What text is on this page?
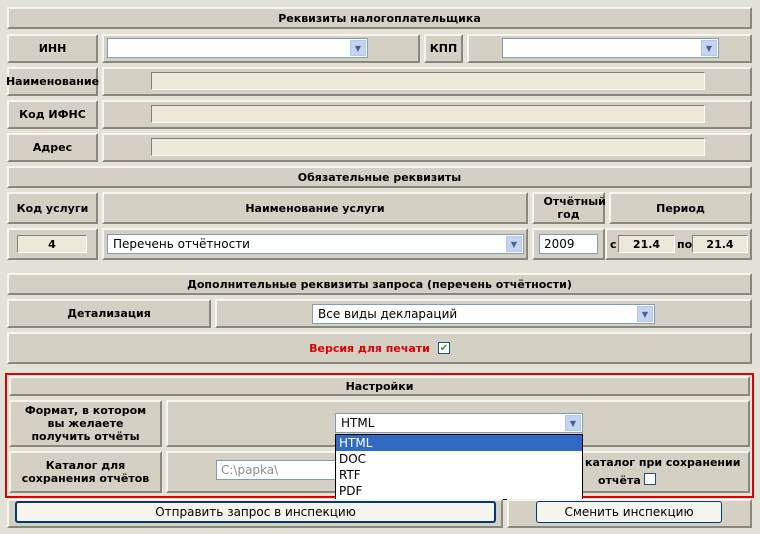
Реквизиты налогоплательщика
ИНН	▼	КПП	▼
Наименование
Код ИФНС
Адрес
Обязательные реквизиты
Код услуги	Наименование услуги	Отчётный год	Период
4	Перечень отчётности	▼	2009	с 21.4 по 21.4
Дополнительные реквизиты запроса (перечень отчётности)
Детализация	Все виды деклараций	▼
Версия для печати ✔
Настройки
Формат, в котором вы желаете получить отчёты
HTML	▼
Каталог для сохранения отчётов
C:\papka\
каталог при сохранении
отчёта
HTML
DOC
RTF
PDF
Отправить запрос в инспекцию	Сменить инспекцию
